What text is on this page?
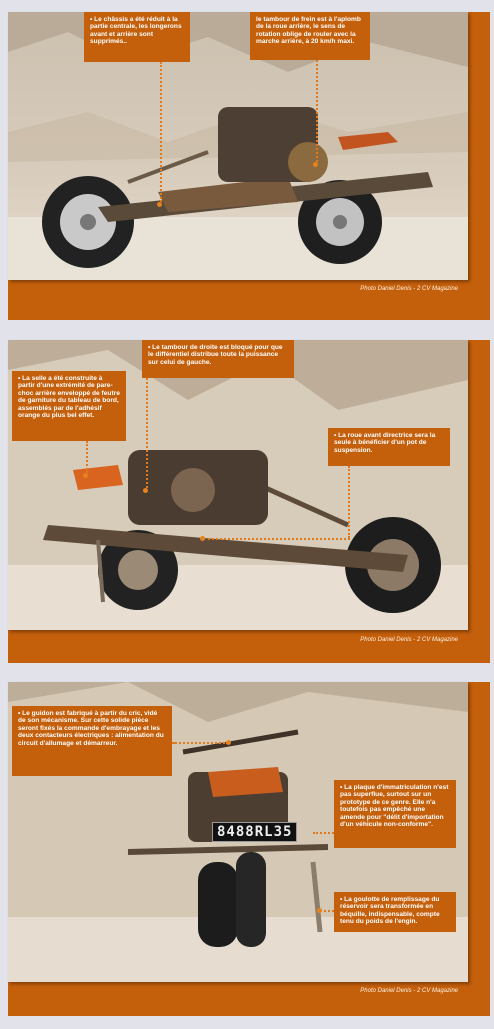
• Le châssis a été réduit à la partie centrale, les longerons avant et arrière sont supprimés..
le tambour de frein est à l'aplomb de la roue arrière, le sens de rotation oblige de rouler avec la marche arrière, à 20 km/h maxi.
Photo Daniel Denis - 2 CV Magazine
• Le tambour de droite est bloqué pour que le différentiel distribue toute la puissance sur celui de gauche.
• La selle a été construite à partir d'une extrémité de pare-choc arrière enveloppé de feutre de garniture du tableau de bord, assemblés par de l'adhésif orange du plus bel effet.
• La roue avant directrice sera la seule à bénéficier d'un pot de suspension.
Photo Daniel Denis - 2 CV Magazine
8488RL35
• Le guidon est fabriqué à partir du cric, vidé de son mécanisme. Sur cette solide pièce seront fixés la commande d'embrayage et les deux contacteurs électriques : alimentation du circuit d'allumage et démarreur.
• La plaque d'immatriculation n'est pas superflue, surtout sur un prototype de ce genre. Elle n'a toutefois pas empêché une amende pour "délit d'importation d'un véhicule non-conforme".
• La goulotte de remplissage du réservoir sera transformée en béquille, indispensable, compte tenu du poids de l'engin.
Photo Daniel Denis - 2 CV Magazine
